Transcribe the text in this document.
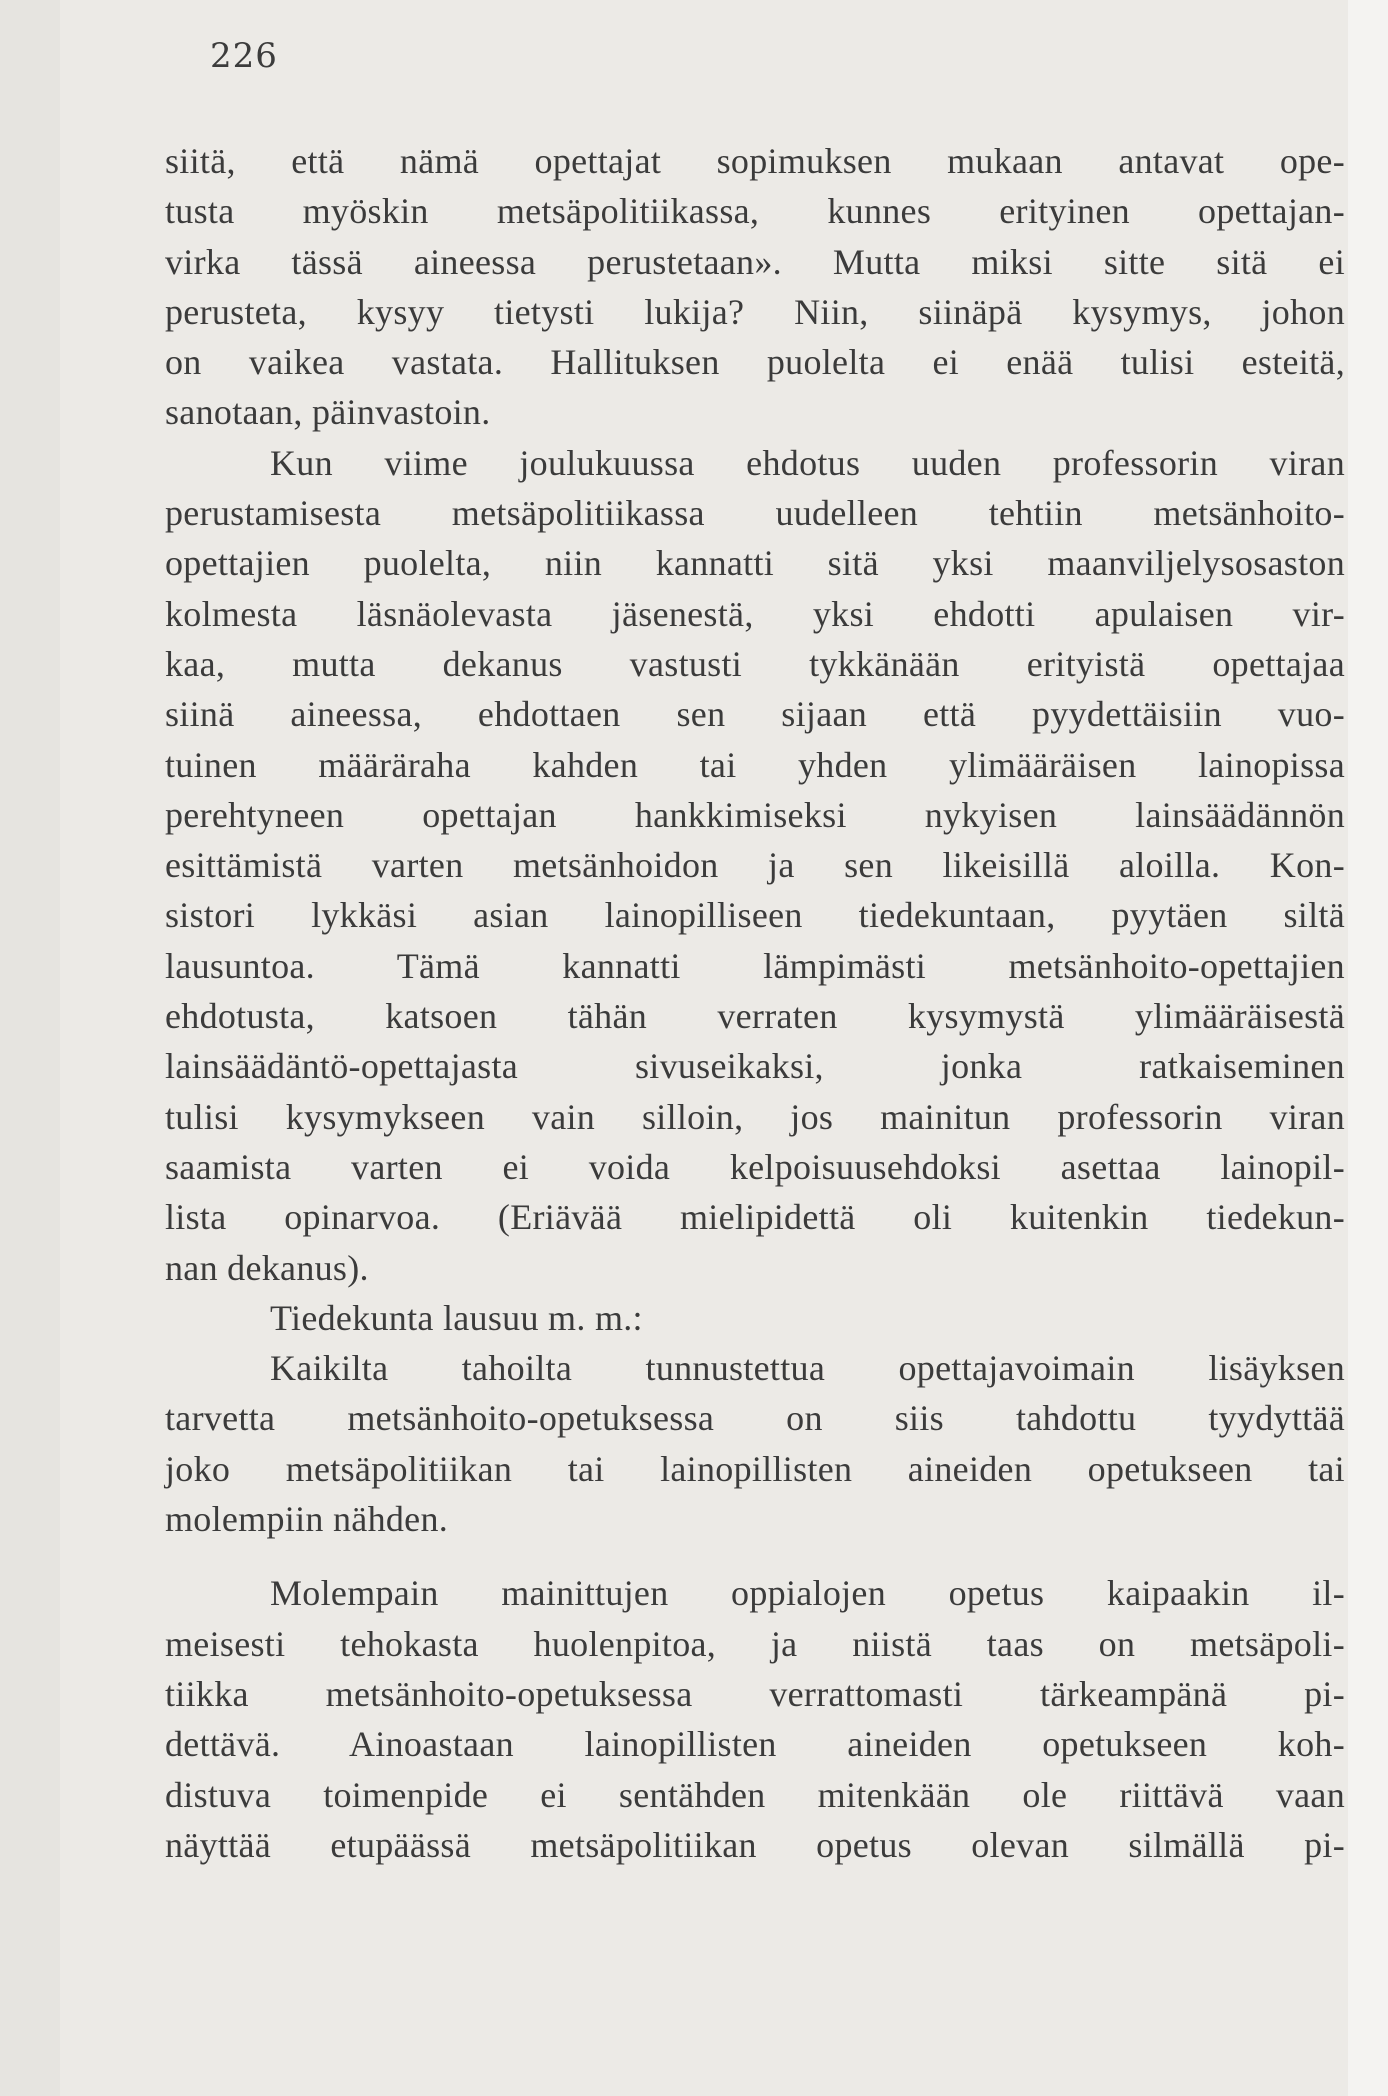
226
siitä, että nämä opettajat sopimuksen mukaan antavat ope-
tusta myöskin metsäpolitiikassa, kunnes erityinen opettajan-
virka tässä aineessa perustetaan». Mutta miksi sitte sitä ei
perusteta, kysyy tietysti lukija? Niin, siinäpä kysymys, johon
on vaikea vastata. Hallituksen puolelta ei enää tulisi esteitä,
sanotaan, päinvastoin.
Kun viime joulukuussa ehdotus uuden professorin viran
perustamisesta metsäpolitiikassa uudelleen tehtiin metsänhoito-
opettajien puolelta, niin kannatti sitä yksi maanviljelysosaston
kolmesta läsnäolevasta jäsenestä, yksi ehdotti apulaisen vir-
kaa, mutta dekanus vastusti tykkänään erityistä opettajaa
siinä aineessa, ehdottaen sen sijaan että pyydettäisiin vuo-
tuinen määräraha kahden tai yhden ylimääräisen lainopissa
perehtyneen opettajan hankkimiseksi nykyisen lainsäädännön
esittämistä varten metsänhoidon ja sen likeisillä aloilla. Kon-
sistori lykkäsi asian lainopilliseen tiedekuntaan, pyytäen siltä
lausuntoa. Tämä kannatti lämpimästi metsänhoito-opettajien
ehdotusta, katsoen tähän verraten kysymystä ylimääräisestä
lainsäädäntö-opettajasta sivuseikaksi, jonka ratkaiseminen
tulisi kysymykseen vain silloin, jos mainitun professorin viran
saamista varten ei voida kelpoisuusehdoksi asettaa lainopil-
lista opinarvoa. (Eriävää mielipidettä oli kuitenkin tiedekun-
nan dekanus).
Tiedekunta lausuu m. m.:
Kaikilta tahoilta tunnustettua opettajavoimain lisäyksen
tarvetta metsänhoito-opetuksessa on siis tahdottu tyydyttää
joko metsäpolitiikan tai lainopillisten aineiden opetukseen tai
molempiin nähden.
Molempain mainittujen oppialojen opetus kaipaakin il-
meisesti tehokasta huolenpitoa, ja niistä taas on metsäpoli-
tiikka metsänhoito-opetuksessa verrattomasti tärkeampänä pi-
dettävä. Ainoastaan lainopillisten aineiden opetukseen koh-
distuva toimenpide ei sentähden mitenkään ole riittävä vaan
näyttää etupäässä metsäpolitiikan opetus olevan silmällä pi-
